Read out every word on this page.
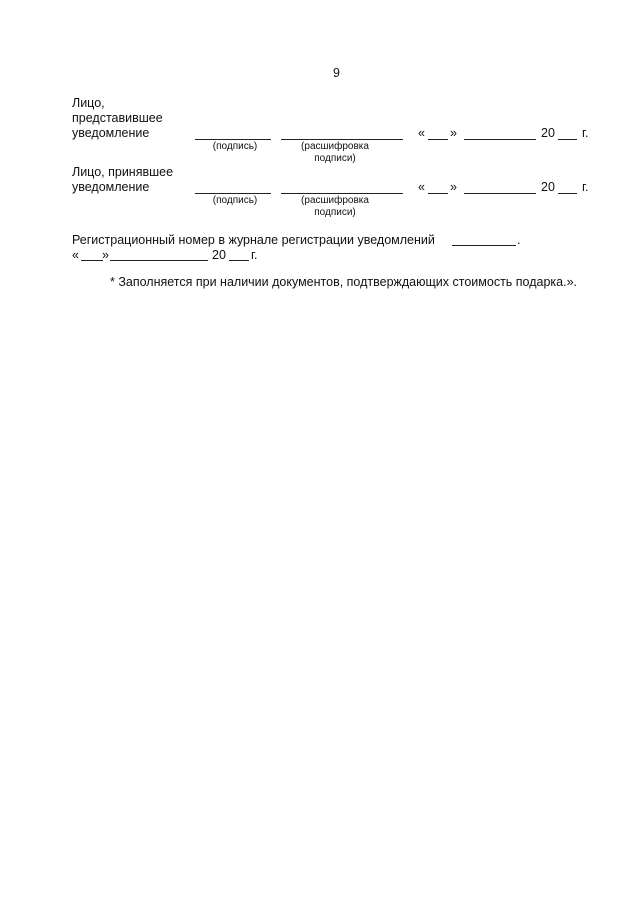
9
Лицо,
представившее
уведомление	« »	20 г.
(подпись)	(расшифровка
подписи)
Лицо, принявшее
уведомление	« »	20 г.
(подпись)	(расшифровка
подписи)
Регистрационный номер в журнале регистрации уведомлений	.
« »	20 г.
* Заполняется при наличии документов, подтверждающих стоимость подарка.».
